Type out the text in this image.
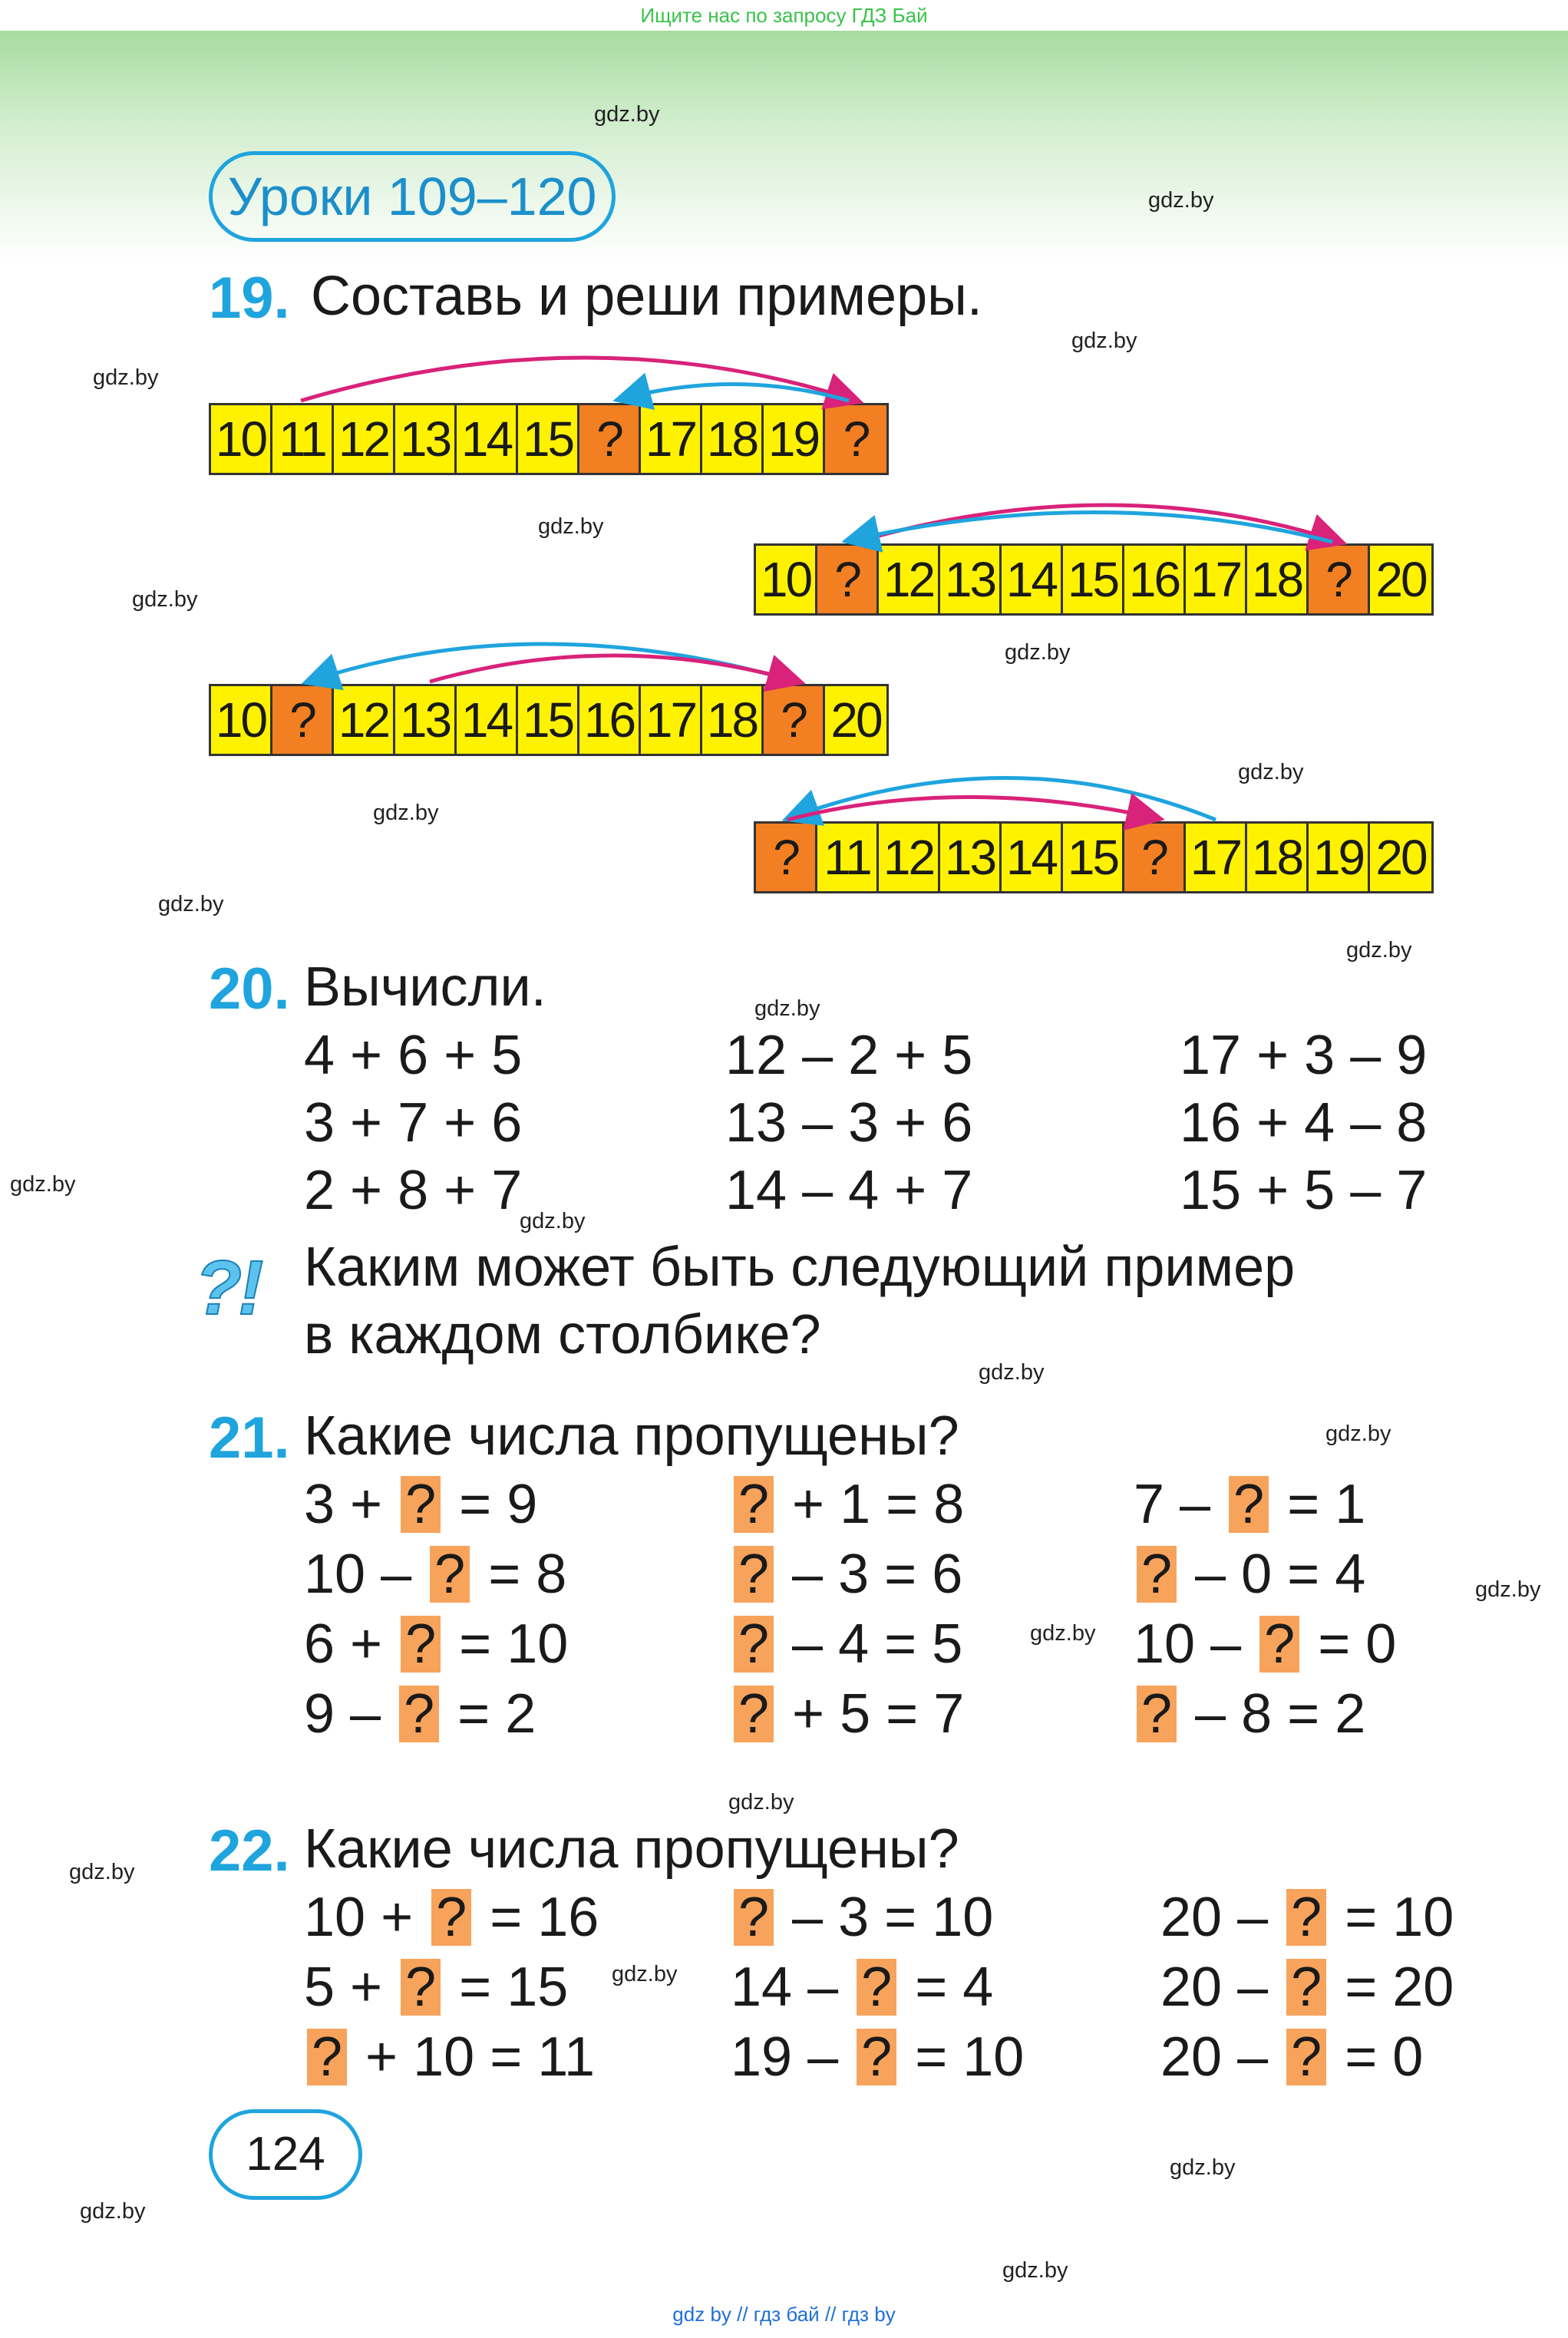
Ищите нас по запросу ГДЗ Бай
gdz.by
gdz.by
gdz.by
gdz.by
gdz.by
gdz.by
gdz.by
gdz.by
gdz.by
gdz.by
gdz.by
gdz.by
gdz.by
gdz.by
gdz.by
gdz.by
gdz.by
gdz.by
gdz.by
gdz.by
gdz.by
gdz.by
gdz.by
gdz.by
Уроки 109–120
19. Составь и реши примеры.
10 11 12 13 14 15 ? 17 18 19 ?
10 ? 12 13 14 15 16 17 18 ? 20
10 ? 12 13 14 15 16 17 18 ? 20
? 11 12 13 14 15 ? 17 18 19 20
20. Вычисли.
4 + 6 + 5
3 + 7 + 6
2 + 8 + 7
12 – 2 + 5
13 – 3 + 6
14 – 4 + 7
17 + 3 – 9
16 + 4 – 8
15 + 5 – 7
?
! Каким может быть следующий пример
в каждом столбике?
21. Какие числа пропущены?
3 + ? = 9
10 – ? = 8
6 + ? = 10
9 – ? = 2
? + 1 = 8
? – 3 = 6
? – 4 = 5
? + 5 = 7
7 – ? = 1
? – 0 = 4
10 – ? = 0
? – 8 = 2
22. Какие числа пропущены?
10 + ? = 16
5 + ? = 15
? + 10 = 11
? – 3 = 10
14 – ? = 4
19 – ? = 10
20 – ? = 10
20 – ? = 20
20 – ? = 0
124
gdz by // гдз бай // гдз by
